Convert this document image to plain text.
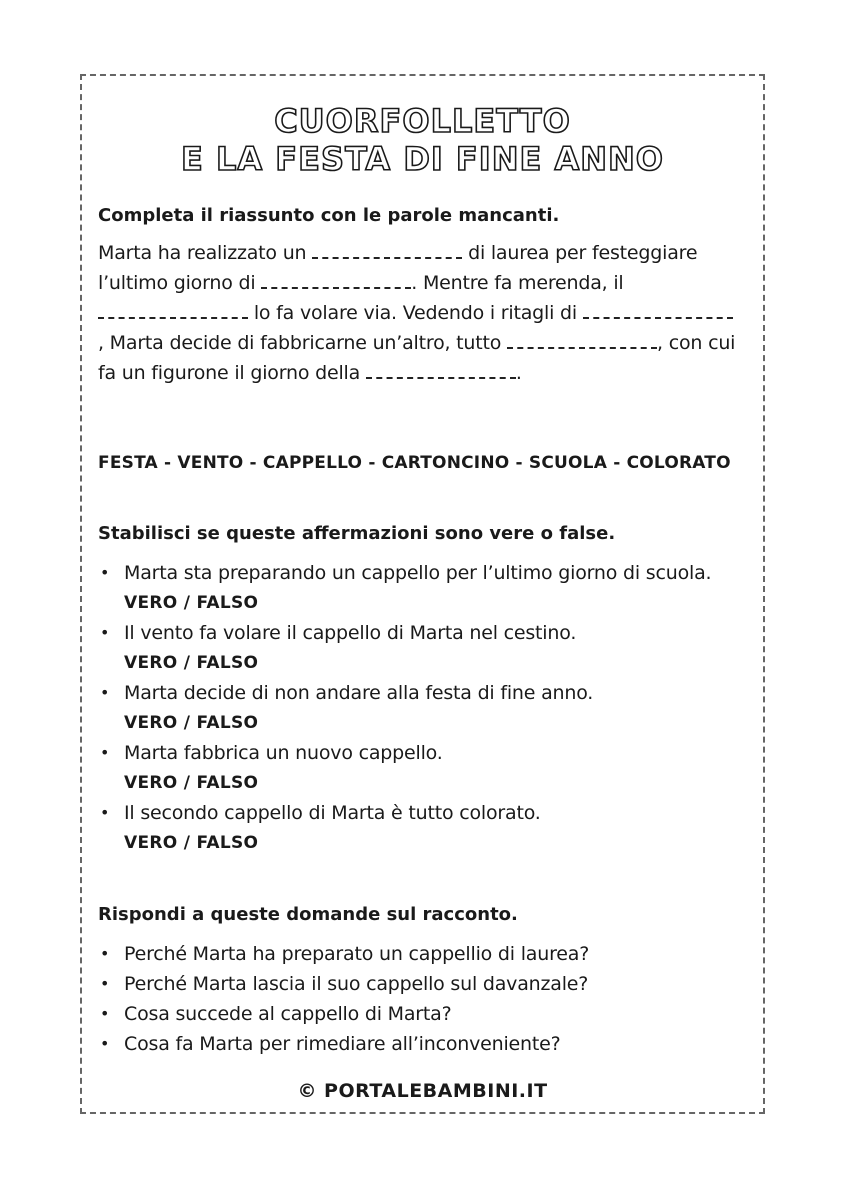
CUORFOLLETTO
E LA FESTA DI FINE ANNO

Completa il riassunto con le parole mancanti.

Marta ha realizzato un	di laurea per festeggiare l’ultimo giorno di	. Mentre fa merenda, il  lo fa volare via. Vedendo i ritagli di , Marta decide di fabbricarne un’altro, tutto	, con cui fa un figurone il giorno della	.

FESTA - VENTO - CAPPELLO - CARTONCINO - SCUOLA - COLORATO

Stabilisci se queste affermazioni sono vere o false.

• Marta sta preparando un cappello per l’ultimo giorno di scuola.
VERO / FALSO
• Il vento fa volare il cappello di Marta nel cestino.
VERO / FALSO
• Marta decide di non andare alla festa di fine anno.
VERO / FALSO
• Marta fabbrica un nuovo cappello.
VERO / FALSO
• Il secondo cappello di Marta è tutto colorato.
VERO / FALSO

Rispondi a queste domande sul racconto.

• Perché Marta ha preparato un cappellio di laurea?
• Perché Marta lascia il suo cappello sul davanzale?
• Cosa succede al cappello di Marta?
• Cosa fa Marta per rimediare all’inconveniente?
© PORTALEBAMBINI.IT
